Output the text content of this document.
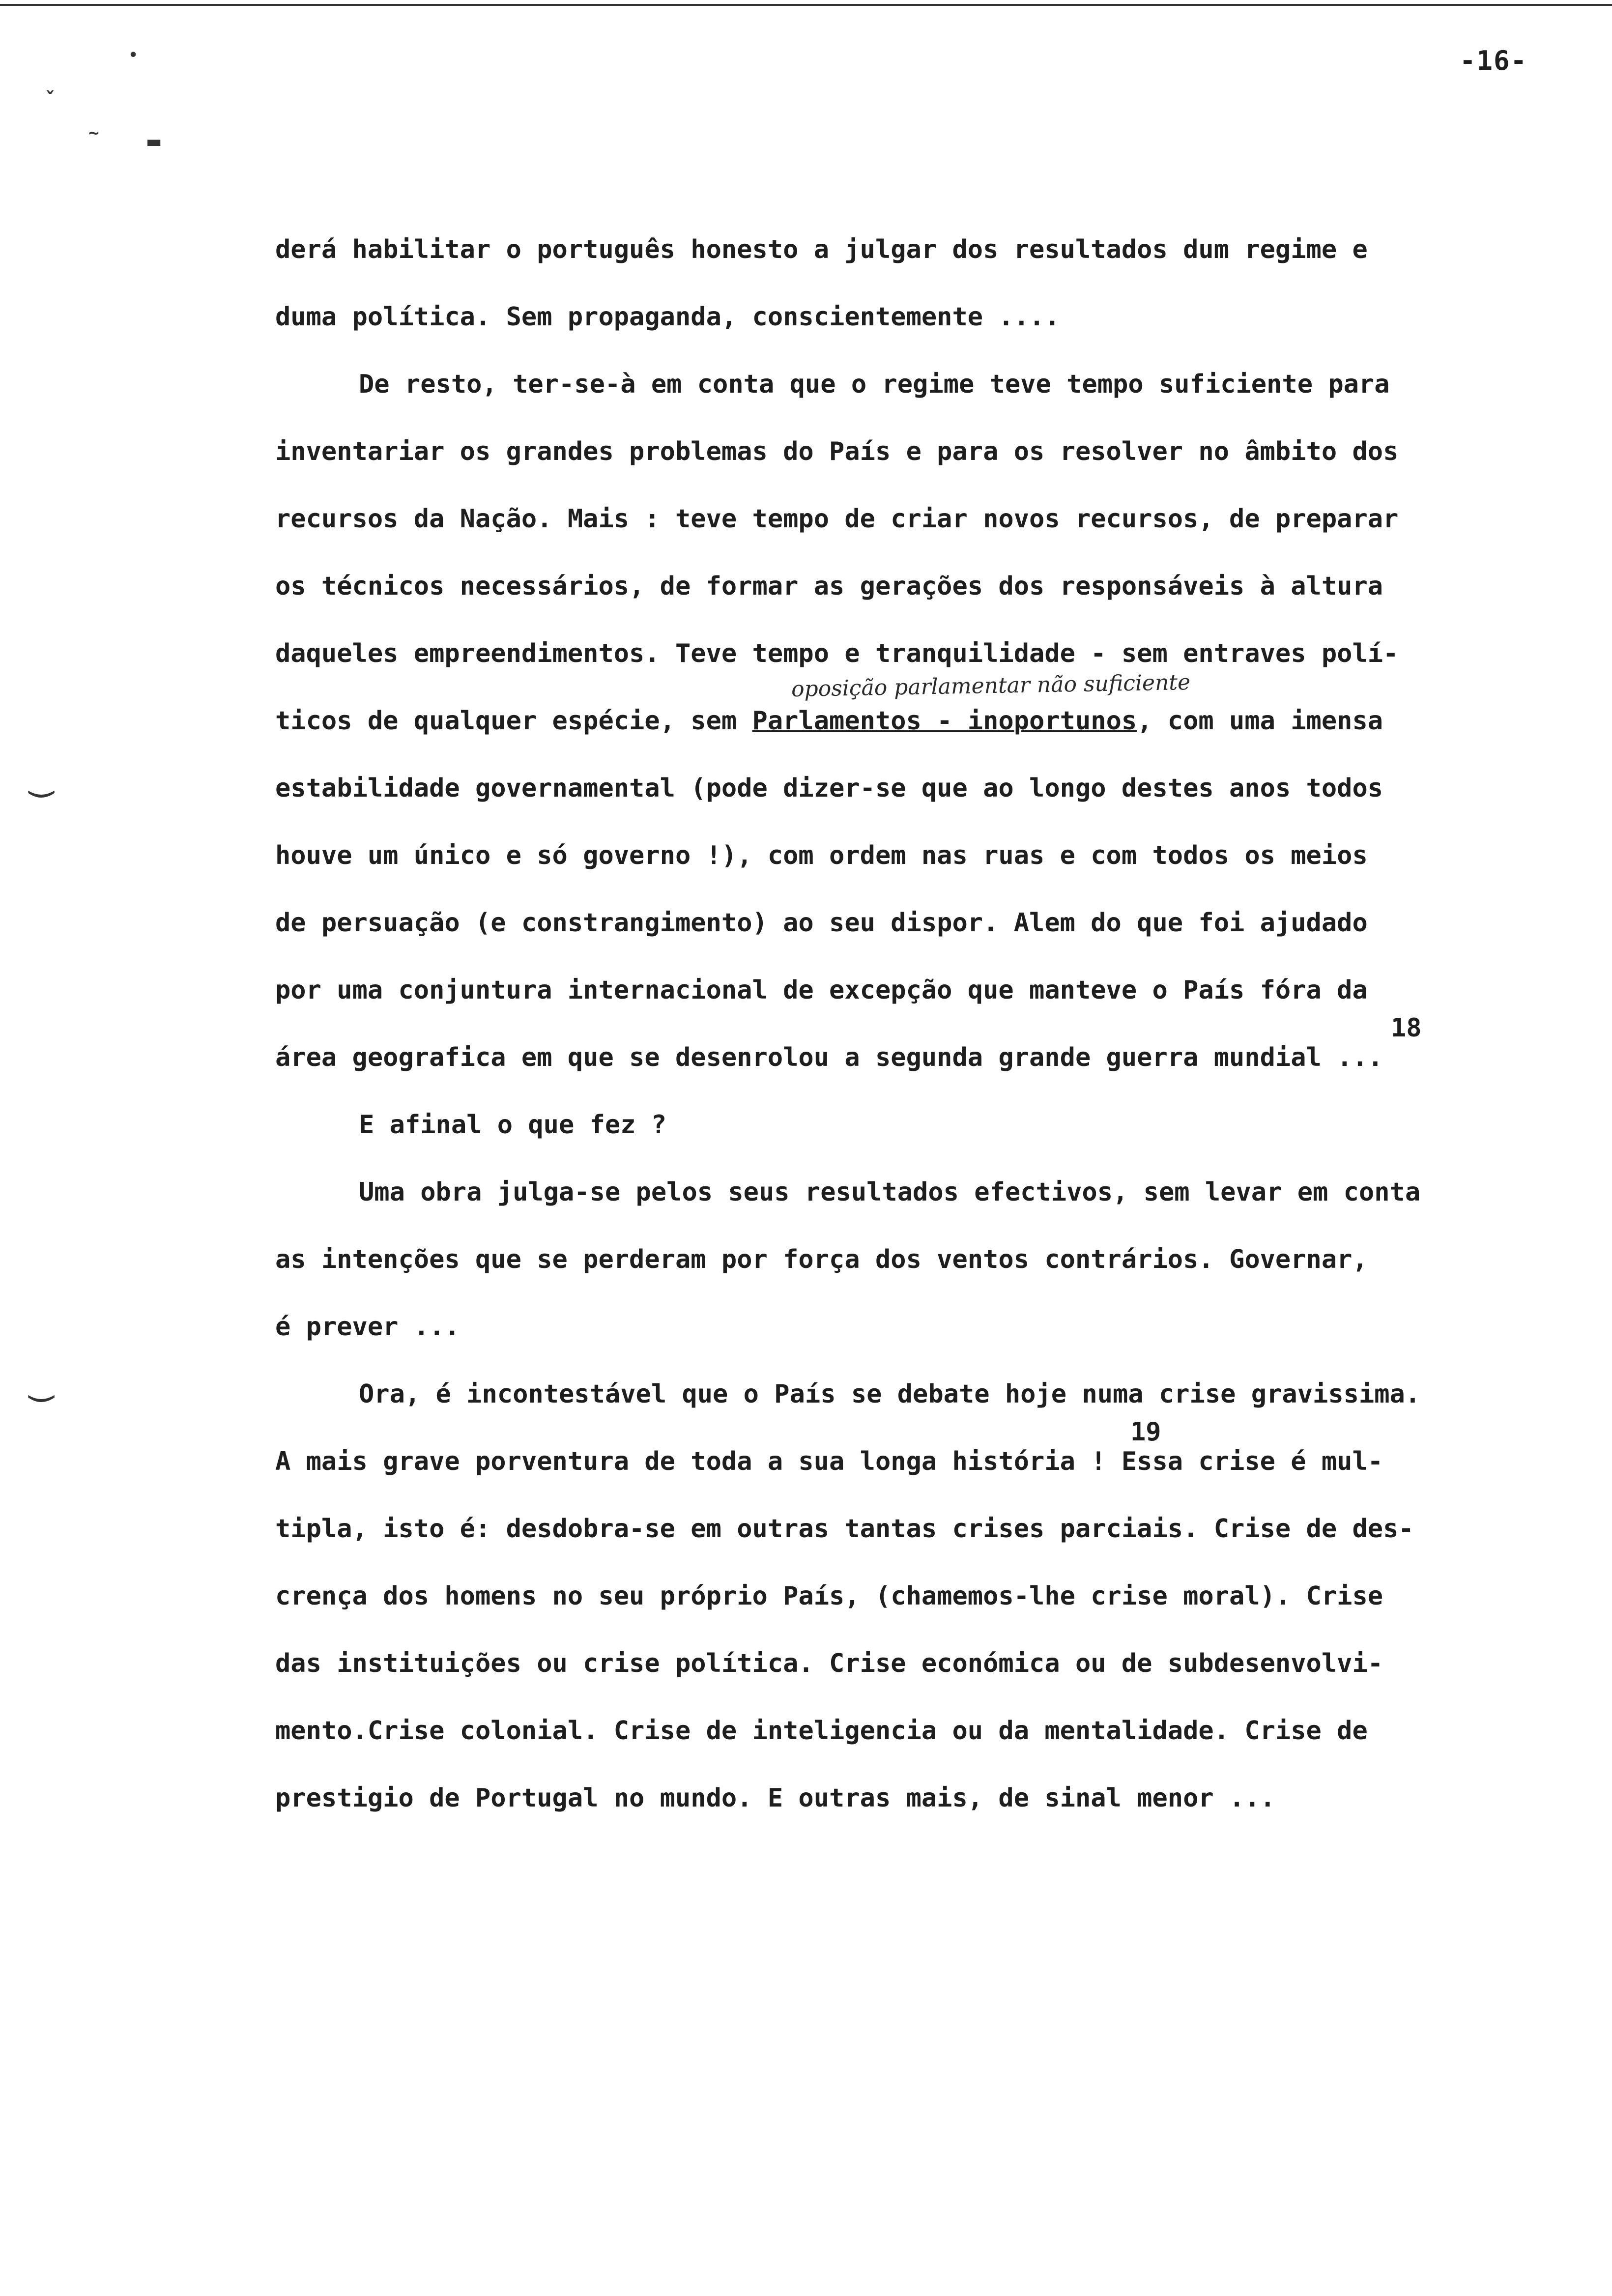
-16-
•
ˇ
~ ▬
‿
‿
oposição parlamentar não suficiente
derá habilitar o português honesto a julgar dos resultados dum regime e
duma política. Sem propaganda, conscientemente ....
De resto, ter-se-à em conta que o regime teve tempo suficiente para
inventariar os grandes problemas do País e para os resolver no âmbito dos
recursos da Nação. Mais : teve tempo de criar novos recursos, de preparar
os técnicos necessários, de formar as gerações dos responsáveis à altura
daqueles empreendimentos. Teve tempo e tranquilidade - sem entraves polí-
ticos de qualquer espécie, sem Parlamentos - inoportunos, com uma imensa
estabilidade governamental (pode dizer-se que ao longo destes anos todos
houve um único e só governo !), com ordem nas ruas e com todos os meios
de persuação (e constrangimento) ao seu dispor. Alem do que foi ajudado
por uma conjuntura internacional de excepção que manteve o País fóra da
área geografica em que se desenrolou a segunda grande guerra mundial ...
18
E afinal o que fez ?
Uma obra julga-se pelos seus resultados efectivos, sem levar em conta
as intenções que se perderam por força dos ventos contrários. Governar,
é prever ...
Ora, é incontestável que o País se debate hoje numa crise gravissima.
A mais grave porventura de toda a sua longa história ! Essa crise é mul-
19
tipla, isto é: desdobra-se em outras tantas crises parciais. Crise de des-
crença dos homens no seu próprio País, (chamemos-lhe crise moral). Crise
das instituições ou crise política. Crise económica ou de subdesenvolvi-
mento.Crise colonial. Crise de inteligencia ou da mentalidade. Crise de
prestigio de Portugal no mundo. E outras mais, de sinal menor ...
